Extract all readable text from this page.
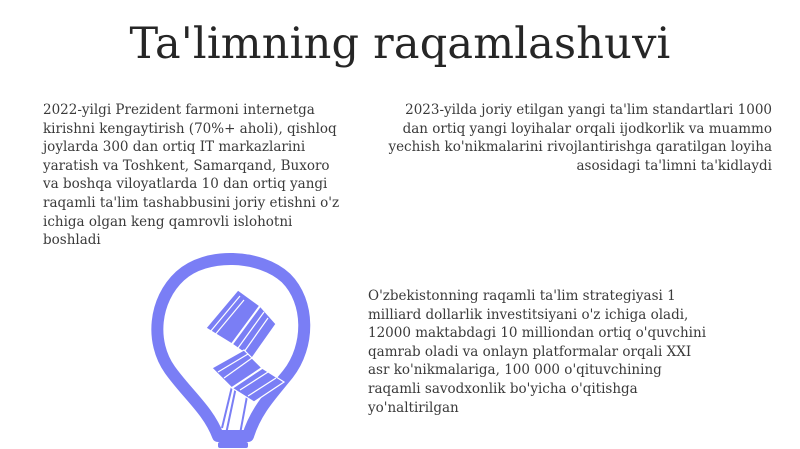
Ta'limning raqamlashuvi
2022-yilgi Prezident farmoni internetga kirishni kengaytirish (70%+ aholi), qishloq joylarda 300 dan ortiq IT markazlarini yaratish va Toshkent, Samarqand, Buxoro va boshqa viloyatlarda 10 dan ortiq yangi raqamli ta'lim tashabbusini joriy etishni o'z ichiga olgan keng qamrovli islohotni boshladi
2023-yilda joriy etilgan yangi ta'lim standartlari 1000 dan ortiq yangi loyihalar orqali ijodkorlik va muammo yechish ko'nikmalarini rivojlantirishga qaratilgan loyiha asosidagi ta'limni ta'kidlaydi
O'zbekistonning raqamli ta'lim strategiyasi 1 milliard dollarlik investitsiyani o'z ichiga oladi, 12000 maktabdagi 10 milliondan ortiq o'quvchini qamrab oladi va onlayn platformalar orqali XXI asr ko'nikmalariga, 100 000 o'qituvchining raqamli savodxonlik bo'yicha o'qitishga yo'naltirilgan
